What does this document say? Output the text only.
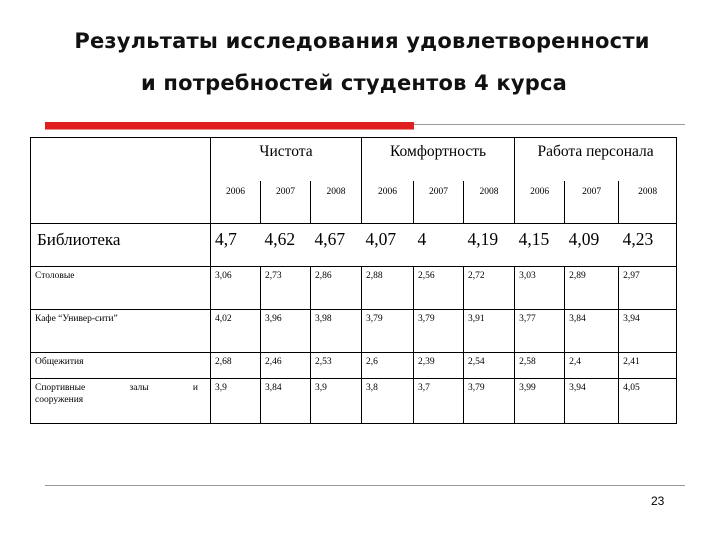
Результаты исследования удовлетворенности
и потребностей студентов 4 курса
	Чистота			Комфортность			Работа персонала		
	2006	2007	2008	2006	2007	2008	2006	2007	2008
Библиотека	4,7	4,62	4,67	4,07	4	4,19	4,15	4,09	4,23
Столовые	3,06	2,73	2,86	2,88	2,56	2,72	3,03	2,89	2,97
Кафе “Универ-сити”	4,02	3,96	3,98	3,79	3,79	3,91	3,77	3,84	3,94
Общежития	2,68	2,46	2,53	2,6	2,39	2,54	2,58	2,4	2,41

Спортивные залы и
сооружения	3,9	3,84	3,9	3,8	3,7	3,79	3,99	3,94	4,05
23
